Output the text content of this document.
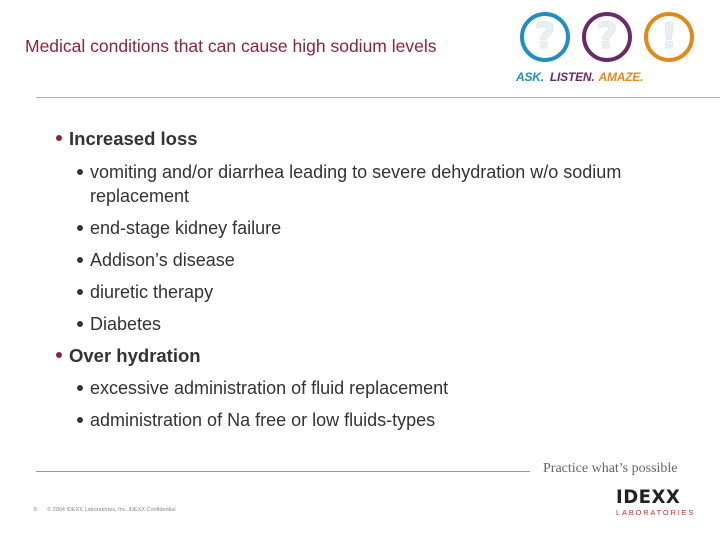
Medical conditions that can cause high sodium levels	?	?	!
ASK. LISTEN. AMAZE.
Increased loss
vomiting and/or diarrhea leading to severe dehydration w/o sodium replacement
end-stage kidney failure
Addison’s disease
diuretic therapy
Diabetes
Over hydration
excessive administration of fluid replacement
administration of Na free or low fluids-types
Practice what’s possible
5 © 2004 IDEXX Laboratories, Inc. IDEXX Confidential
IDEXX
LABORATORIES
